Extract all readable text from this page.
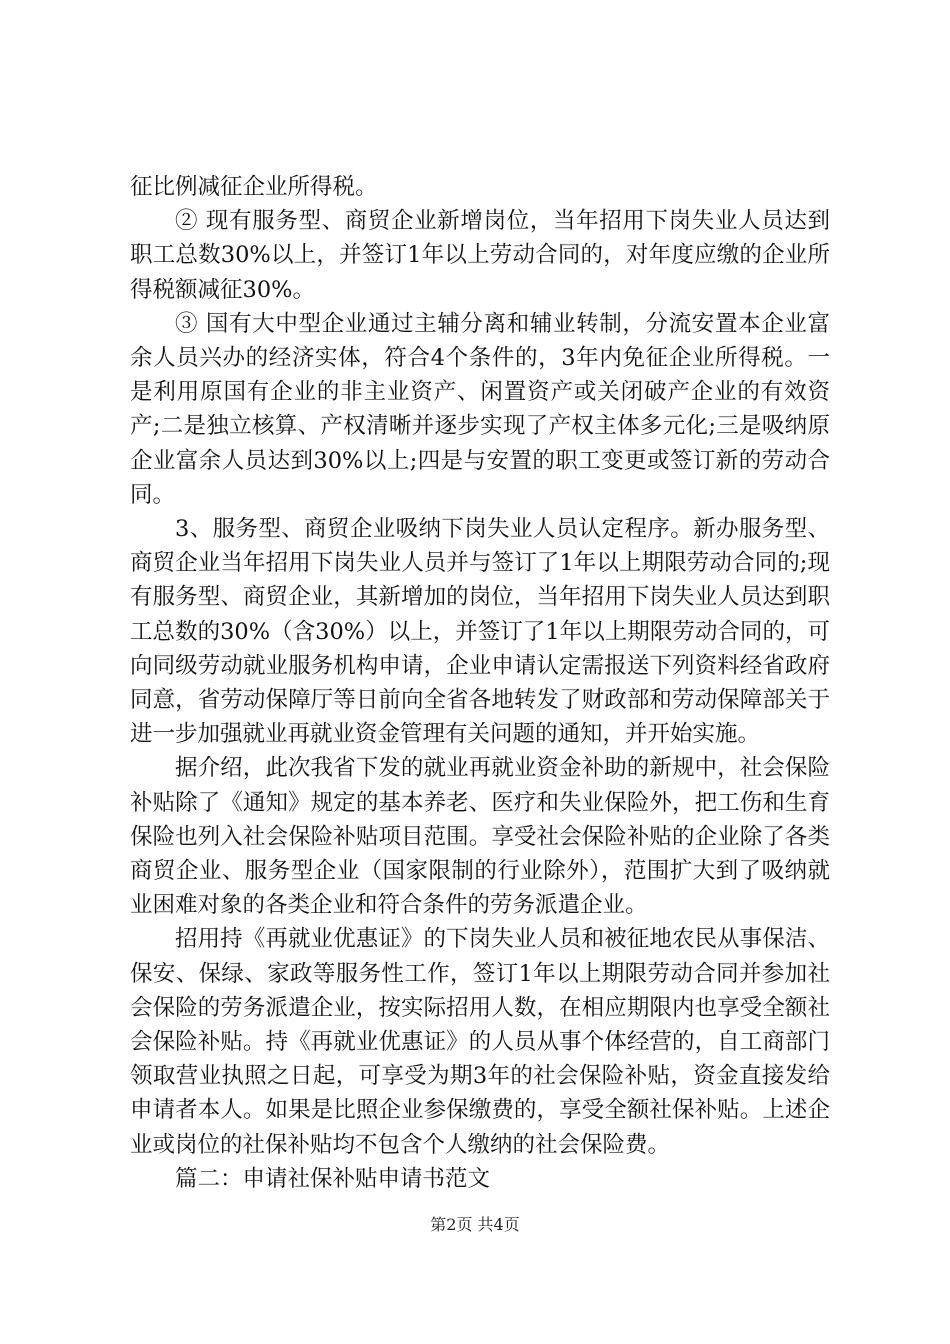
征比例减征企业所得税。

② 现有服务型、商贸企业新增岗位，当年招用下岗失业人员达到职工总数30%以上，并签订1年以上劳动合同的，对年度应缴的企业所得税额减征30%。

③ 国有大中型企业通过主辅分离和辅业转制，分流安置本企业富余人员兴办的经济实体，符合4个条件的，3年内免征企业所得税。一是利用原国有企业的非主业资产、闲置资产或关闭破产企业的有效资产;二是独立核算、产权清晰并逐步实现了产权主体多元化;三是吸纳原企业富余人员达到30%以上;四是与安置的职工变更或签订新的劳动合同。

3、服务型、商贸企业吸纳下岗失业人员认定程序。新办服务型、商贸企业当年招用下岗失业人员并与签订了1年以上期限劳动合同的;现有服务型、商贸企业，其新增加的岗位，当年招用下岗失业人员达到职工总数的30%（含30%）以上，并签订了1年以上期限劳动合同的，可向同级劳动就业服务机构申请，企业申请认定需报送下列资料经省政府同意，省劳动保障厅等日前向全省各地转发了财政部和劳动保障部关于进一步加强就业再就业资金管理有关问题的通知，并开始实施。

据介绍，此次我省下发的就业再就业资金补助的新规中，社会保险补贴除了《通知》规定的基本养老、医疗和失业保险外，把工伤和生育保险也列入社会保险补贴项目范围。享受社会保险补贴的企业除了各类商贸企业、服务型企业（国家限制的行业除外），范围扩大到了吸纳就业困难对象的各类企业和符合条件的劳务派遣企业。

招用持《再就业优惠证》的下岗失业人员和被征地农民从事保洁、保安、保绿、家政等服务性工作，签订1年以上期限劳动合同并参加社会保险的劳务派遣企业，按实际招用人数，在相应期限内也享受全额社会保险补贴。持《再就业优惠证》的人员从事个体经营的，自工商部门领取营业执照之日起，可享受为期3年的社会保险补贴，资金直接发给申请者本人。如果是比照企业参保缴费的，享受全额社保补贴。上述企业或岗位的社保补贴均不包含个人缴纳的社会保险费。

篇二：申请社保补贴申请书范文

第2页 共4页
